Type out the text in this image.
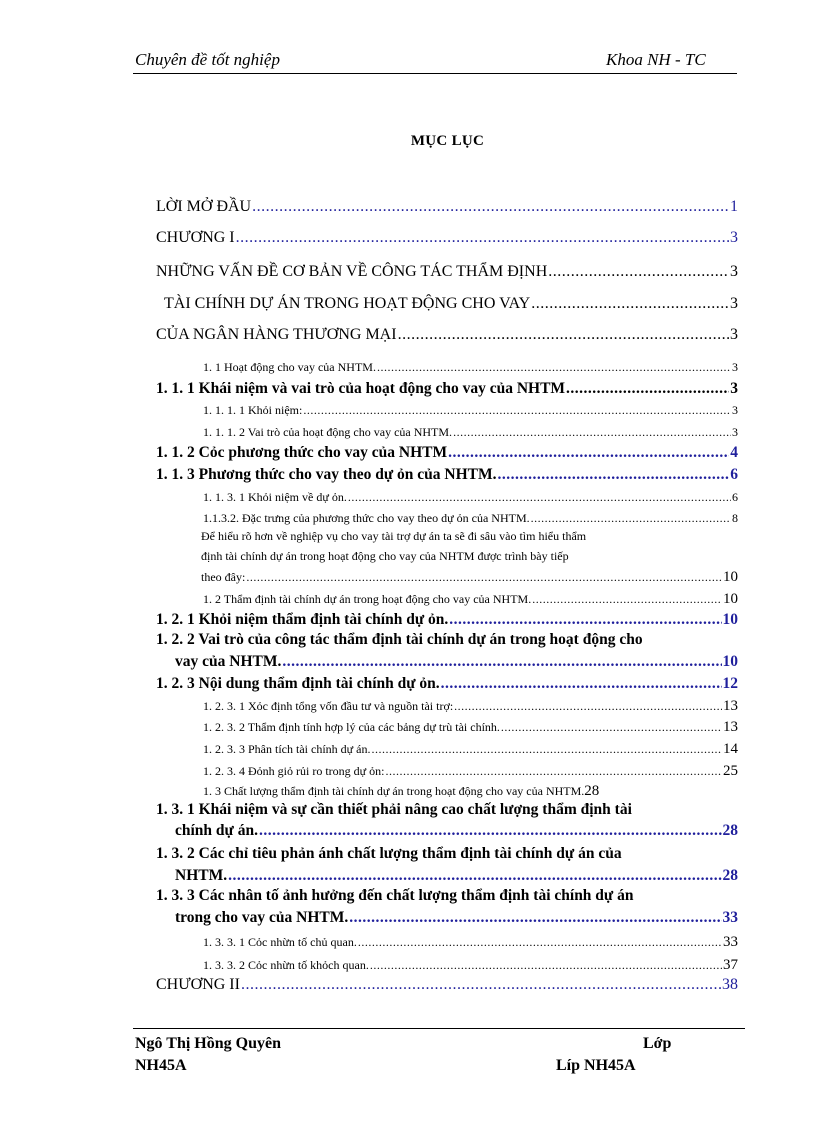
Chuyên đề tốt nghiệp	Khoa NH - TC
MỤC LỤC
LỜI MỞ ĐẦU .....	1
CHƯƠNG I .....	3
NHỮNG VẤN ĐỀ CƠ BẢN VỀ CÔNG TÁC THẨM ĐỊNH .....	3
TÀI CHÍNH DỰ ÁN TRONG HOẠT ĐỘNG CHO VAY .....	3
CỦA NGÂN HÀNG THƯƠNG MẠI .....	3
1. 1 Hoạt động cho vay của NHTM. .....	3
1. 1. 1 Khái niệm và vai trò của hoạt động cho vay của NHTM .....	3
1. 1. 1. 1 Khỏi niệm: .....	3
1. 1. 1. 2 Vai trò của hoạt động cho vay của NHTM. .....	3
1. 1. 2 Cỏc phương thức cho vay của NHTM .....	4
1. 1. 3 Phương thức cho vay theo dự ỏn của NHTM. .....	6
1. 1. 3. 1 Khỏi niệm về dự ỏn. .....	6
1.1.3.2. Đặc trưng của phương thức cho vay theo dự ỏn của NHTM. .....	8
Để hiểu rõ hơn về nghiệp vụ cho vay tài trợ dự án ta sẽ đi sâu vào tìm hiểu thẩm
định tài chính dự án trong hoạt động cho vay của NHTM được trình bày tiếp
theo đây: .....	10
1. 2 Thẩm định tài chính dự án trong hoạt động cho vay của NHTM. .....	10
1. 2. 1 Khỏi niệm thẩm định tài chính dự ỏn. .....	10
1. 2. 2 Vai trò của công tác thẩm định tài chính dự án trong hoạt động cho
vay của NHTM. .....	10
1. 2. 3 Nội dung thẩm định tài chính dự ỏn. .....	12
1. 2. 3. 1 Xỏc định tổng vốn đầu tư và nguồn tài trợ: .....	13
1. 2. 3. 2 Thẩm định tính hợp lý của các bảng dự trù tài chính. .....	13
1. 2. 3. 3 Phân tích tài chính dự án. .....	14
1. 2. 3. 4 Đỏnh giỏ rủi ro trong dự ỏn: .....	25
1. 3 Chất lượng thẩm định tài chính dự án trong hoạt động cho vay của NHTM. 28
1. 3. 1 Khái niệm và sự cần thiết phải nâng cao chất lượng thẩm định tài
chính dự án. .....	28
1. 3. 2 Các chỉ tiêu phản ánh chất lượng thẩm định tài chính dự án của
NHTM. .....	28
1. 3. 3 Các nhân tố ảnh hưởng đến chất lượng thẩm định tài chính dự án
trong cho vay của NHTM. .....	33
1. 3. 3. 1 Cỏc nhừn tố chủ quan. .....	33
1. 3. 3. 2 Cỏc nhừn tố khỏch quan. .....	37
CHƯƠNG II .....	38
Ngô Thị Hồng Quyên	Lớp
NH45A	Líp NH45A
